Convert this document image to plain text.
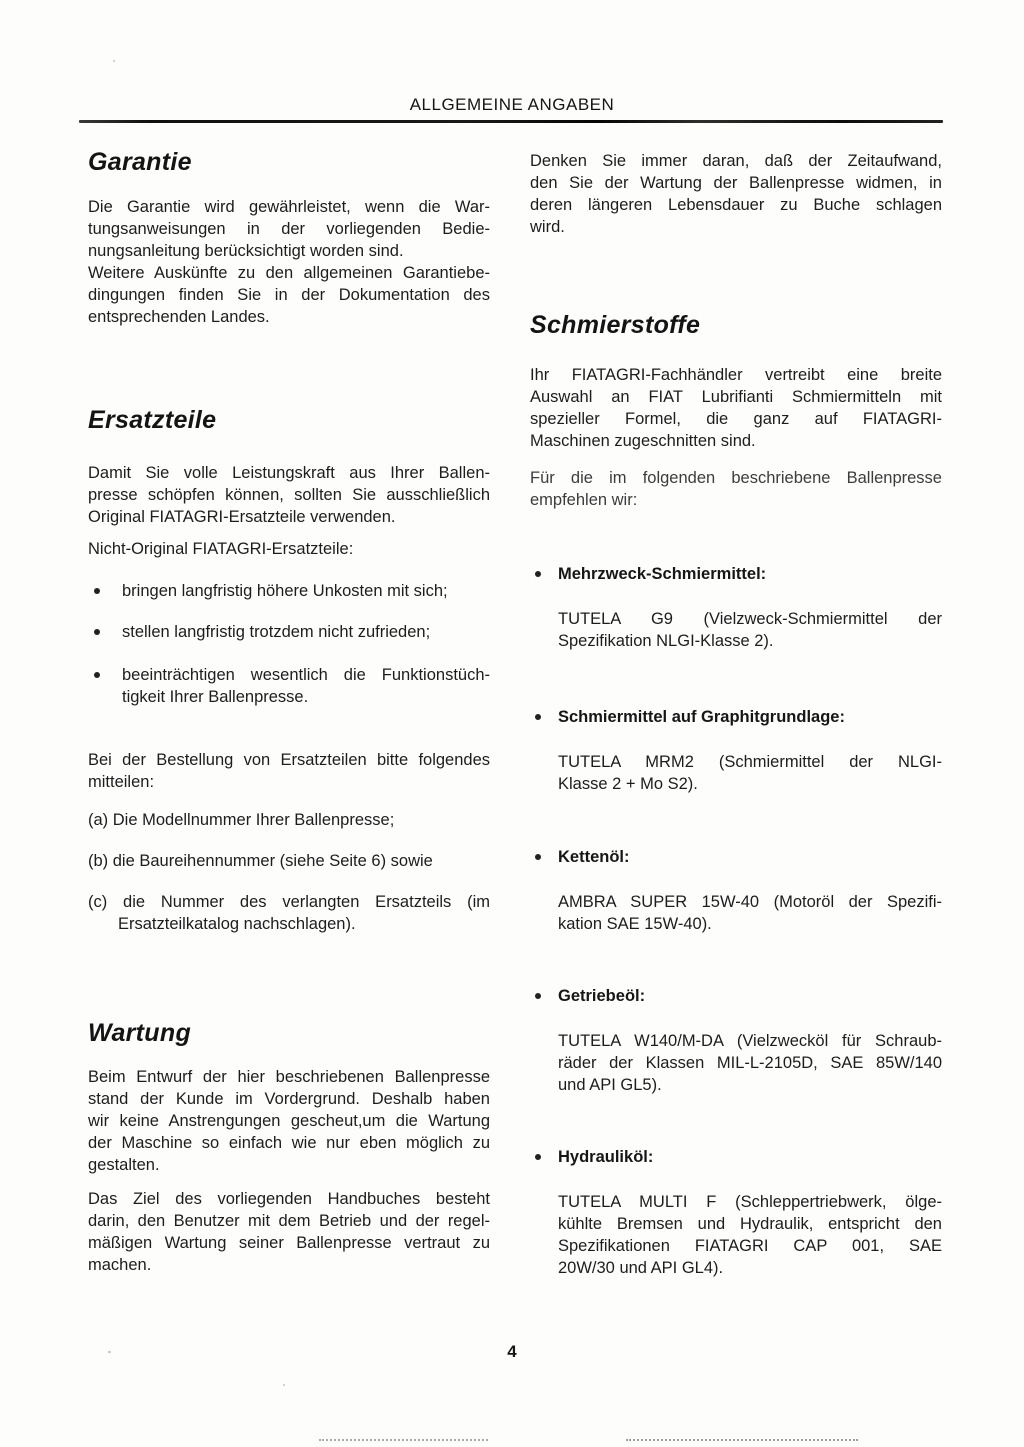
ALLGEMEINE ANGABEN
Garantie
Die Garantie wird gewährleistet, wenn die War-
tungsanweisungen in der vorliegenden Bedie-
nungsanleitung berücksichtigt worden sind.
Weitere Auskünfte zu den allgemeinen Garantiebe-
dingungen finden Sie in der Dokumentation des
entsprechenden Landes.
Ersatzteile
Damit Sie volle Leistungskraft aus Ihrer Ballen-
presse schöpfen können, sollten Sie ausschließlich
Original FIATAGRI-Ersatzteile verwenden.
Nicht-Original FIATAGRI-Ersatzteile:
bringen langfristig höhere Unkosten mit sich;
stellen langfristig trotzdem nicht zufrieden;
beeinträchtigen wesentlich die Funktionstüch-
tigkeit Ihrer Ballenpresse.
Bei der Bestellung von Ersatzteilen bitte folgendes
mitteilen:
(a) Die Modellnummer Ihrer Ballenpresse;
(b) die Baureihennummer (siehe Seite 6) sowie
(c) die Nummer des verlangten Ersatzteils (im
Ersatzteilkatalog nachschlagen).
Wartung
Beim Entwurf der hier beschriebenen Ballenpresse
stand der Kunde im Vordergrund. Deshalb haben
wir keine Anstrengungen gescheut,um die Wartung
der Maschine so einfach wie nur eben möglich zu
gestalten.
Das Ziel des vorliegenden Handbuches besteht
darin, den Benutzer mit dem Betrieb und der regel-
mäßigen Wartung seiner Ballenpresse vertraut zu
machen.
Denken Sie immer daran, daß der Zeitaufwand,
den Sie der Wartung der Ballenpresse widmen, in
deren längeren Lebensdauer zu Buche schlagen
wird.
Schmierstoffe
Ihr FIATAGRI-Fachhändler vertreibt eine breite
Auswahl an FIAT Lubrifianti Schmiermitteln mit
spezieller Formel, die ganz auf FIATAGRI-
Maschinen zugeschnitten sind.
Für die im folgenden beschriebene Ballenpresse
empfehlen wir:
Mehrzweck-Schmiermittel:
TUTELA G9 (Vielzweck-Schmiermittel der
Spezifikation NLGI-Klasse 2).
Schmiermittel auf Graphitgrundlage:
TUTELA MRM2 (Schmiermittel der NLGI-
Klasse 2 + Mo S2).
Kettenöl:
AMBRA SUPER 15W-40 (Motoröl der Spezifi-
kation SAE 15W-40).
Getriebeöl:
TUTELA W140/M-DA (Vielzwecköl für Schraub-
räder der Klassen MIL-L-2105D, SAE 85W/140
und API GL5).
Hydrauliköl:
TUTELA MULTI F (Schleppertriebwerk, ölge-
kühlte Bremsen und Hydraulik, entspricht den
Spezifikationen FIATAGRI CAP 001, SAE
20W/30 und API GL4).
4
